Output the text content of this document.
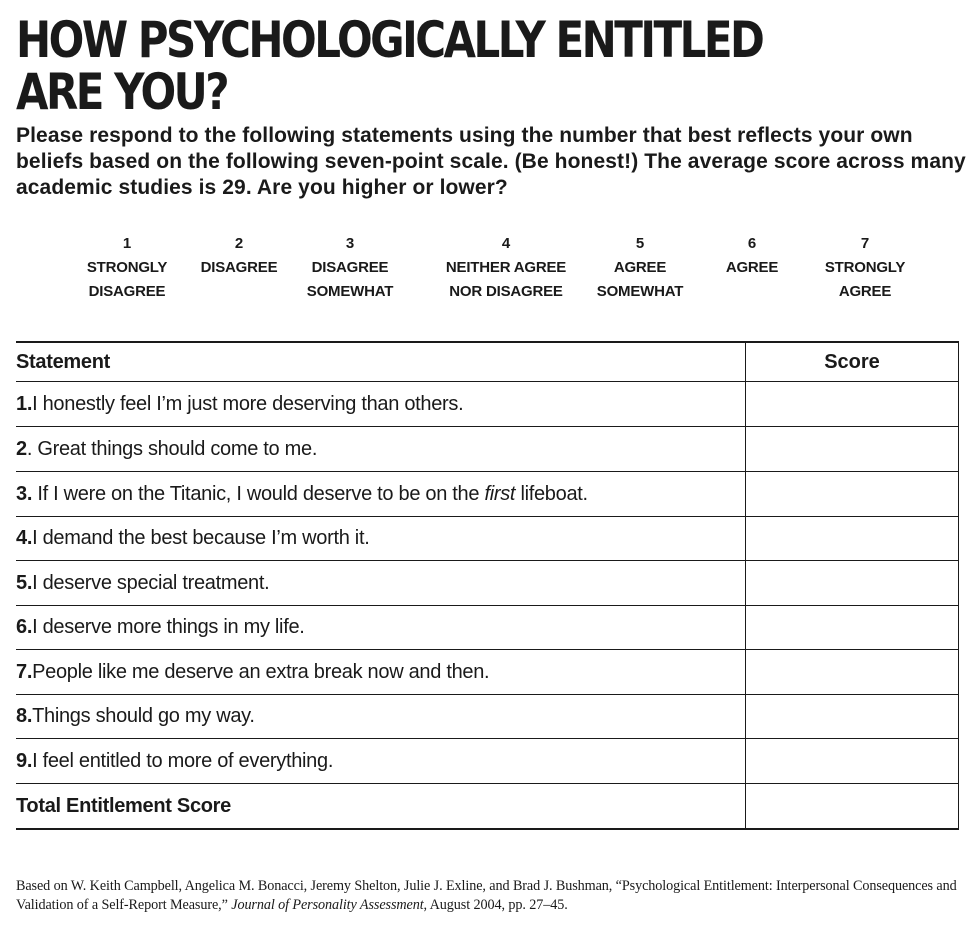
HOW PSYCHOLOGICALLY ENTITLED
ARE YOU?

Please respond to the following statements using the number that best reflects your own beliefs based on the following seven-point scale. (Be honest!) The average score across many academic studies is 29. Are you higher or lower?

1
STRONGLY
DISAGREE
2
DISAGREE
3
DISAGREE
SOMEWHAT
4
NEITHER AGREE
NOR DISAGREE
5
AGREE
SOMEWHAT
6
AGREE
7
STRONGLY
AGREE
Statement	Score
1. I honestly feel I’m just more deserving than others.
2 . Great things should come to me.
3. If I were on the Titanic, I would deserve to be on the first lifeboat.
4. I demand the best because I’m worth it.
5. I deserve special treatment.
6. I deserve more things in my life.
7. People like me deserve an extra break now and then.
8. Things should go my way.
9. I feel entitled to more of everything.
Total Entitlement Score

Based on W. Keith Campbell, Angelica M. Bonacci, Jeremy Shelton, Julie J. Exline, and Brad J. Bushman, “Psychological Entitlement: Interpersonal Consequences and Validation of a Self-Report Measure,” Journal of Personality Assessment, August 2004, pp. 27–45.
